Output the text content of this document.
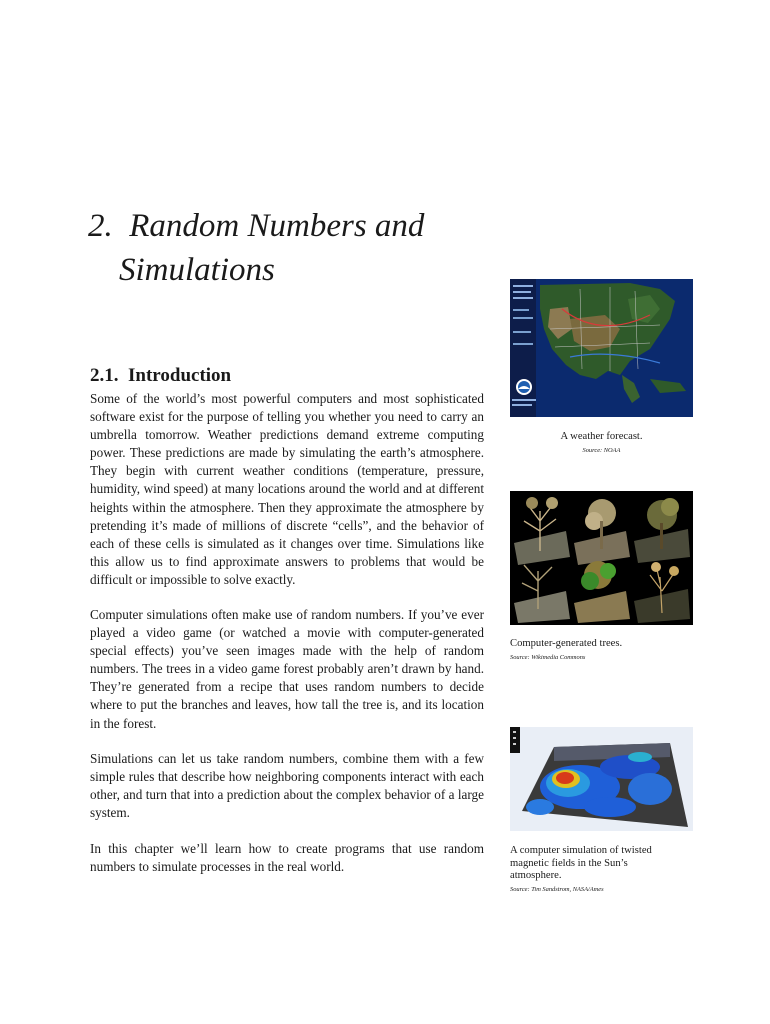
2. Random Numbers and
Simulations
2.1. Introduction

Some of the world’s most powerful computers and most sophisticated software exist for the purpose of telling you whether you need to carry an umbrella tomorrow. Weather predictions demand extreme computing power. These predictions are made by simulating the earth’s atmosphere. They begin with current weather conditions (temperature, pressure, humidity, wind speed) at many locations around the world and at different heights within the atmosphere. Then they approximate the atmosphere by pretending it’s made of millions of discrete “cells”, and the behavior of each of these cells is simulated as it changes over time. Simulations like this allow us to find approximate answers to problems that would be difficult or impossible to solve exactly.

Computer simulations often make use of random numbers. If you’ve ever played a video game (or watched a movie with computer-generated special effects) you’ve seen images made with the help of random numbers. The trees in a video game forest probably aren’t drawn by hand. They’re generated from a recipe that uses random numbers to decide where to put the branches and leaves, how tall the tree is, and its location in the forest.

Simulations can let us take random numbers, combine them with a few simple rules that describe how neighboring components interact with each other, and turn that into a prediction about the complex behavior of a large system.

In this chapter we’ll learn how to create programs that use random numbers to simulate processes in the real world.

A weather forecast.

Source: NOAA

Computer-generated trees.

Source: Wikimedia Commons

A computer simulation of twisted magnetic fields in the Sun’s atmosphere.

Source: Tim Sandstrom, NASA/Ames
